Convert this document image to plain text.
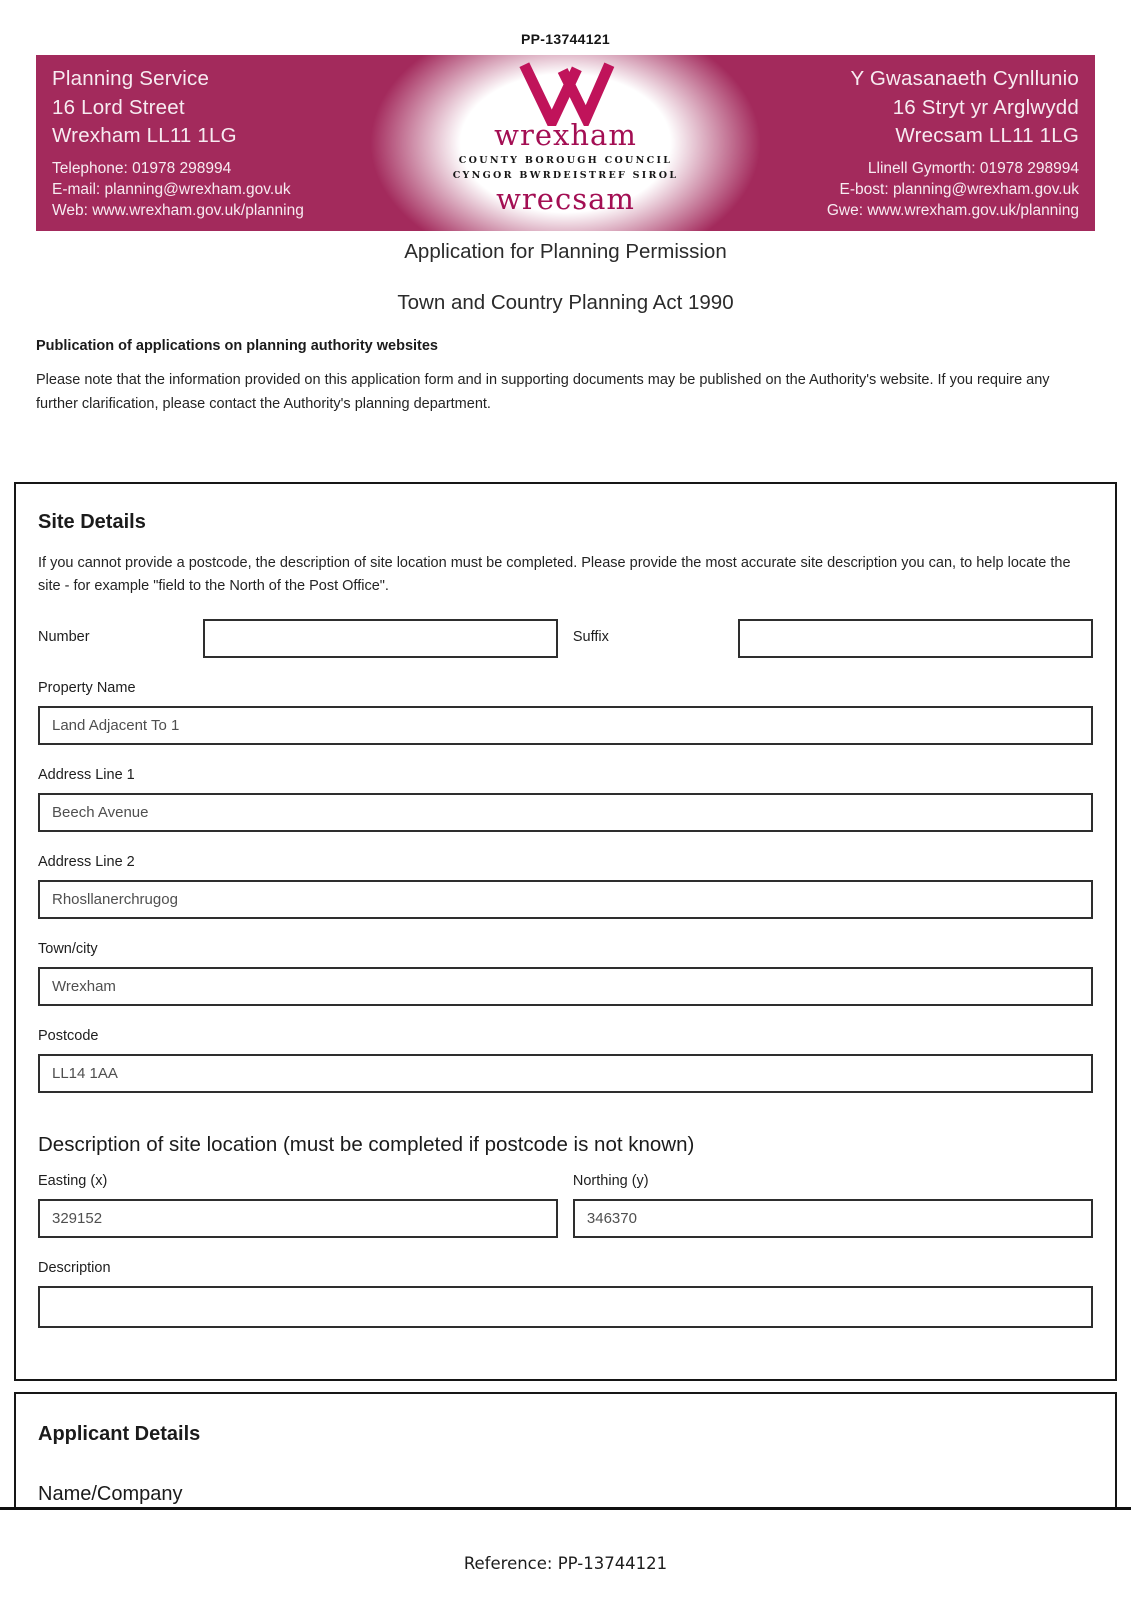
PP-13744121
Planning Service
16 Lord Street
Wrexham LL11 1LG
Telephone: 01978 298994
E-mail: planning@wrexham.gov.uk
Web: www.wrexham.gov.uk/planning
wrexham
COUNTY BOROUGH COUNCIL
CYNGOR BWRDEISTREF SIROL
wrecsam
Y Gwasanaeth Cynllunio
16 Stryt yr Arglwydd
Wrecsam LL11 1LG
Llinell Gymorth: 01978 298994
E-bost: planning@wrexham.gov.uk
Gwe: www.wrexham.gov.uk/planning
Application for Planning Permission
Town and Country Planning Act 1990

Publication of applications on planning authority websites

Please note that the information provided on this application form and in supporting documents may be published on the Authority's website. If you require any further clarification, please contact the Authority's planning department.

Site Details

If you cannot provide a postcode, the description of site location must be completed. Please provide the most accurate site description you can, to help locate the site - for example "field to the North of the Post Office".

Number	Suffix
Property Name
Land Adjacent To 1
Address Line 1
Beech Avenue
Address Line 2
Rhosllanerchrugog
Town/city
Wrexham
Postcode
LL14 1AA
Description of site location (must be completed if postcode is not known)
Easting (x)
329152	Northing (y)
346370
Description
Applicant Details

Name/Company

Reference: PP-13744121
